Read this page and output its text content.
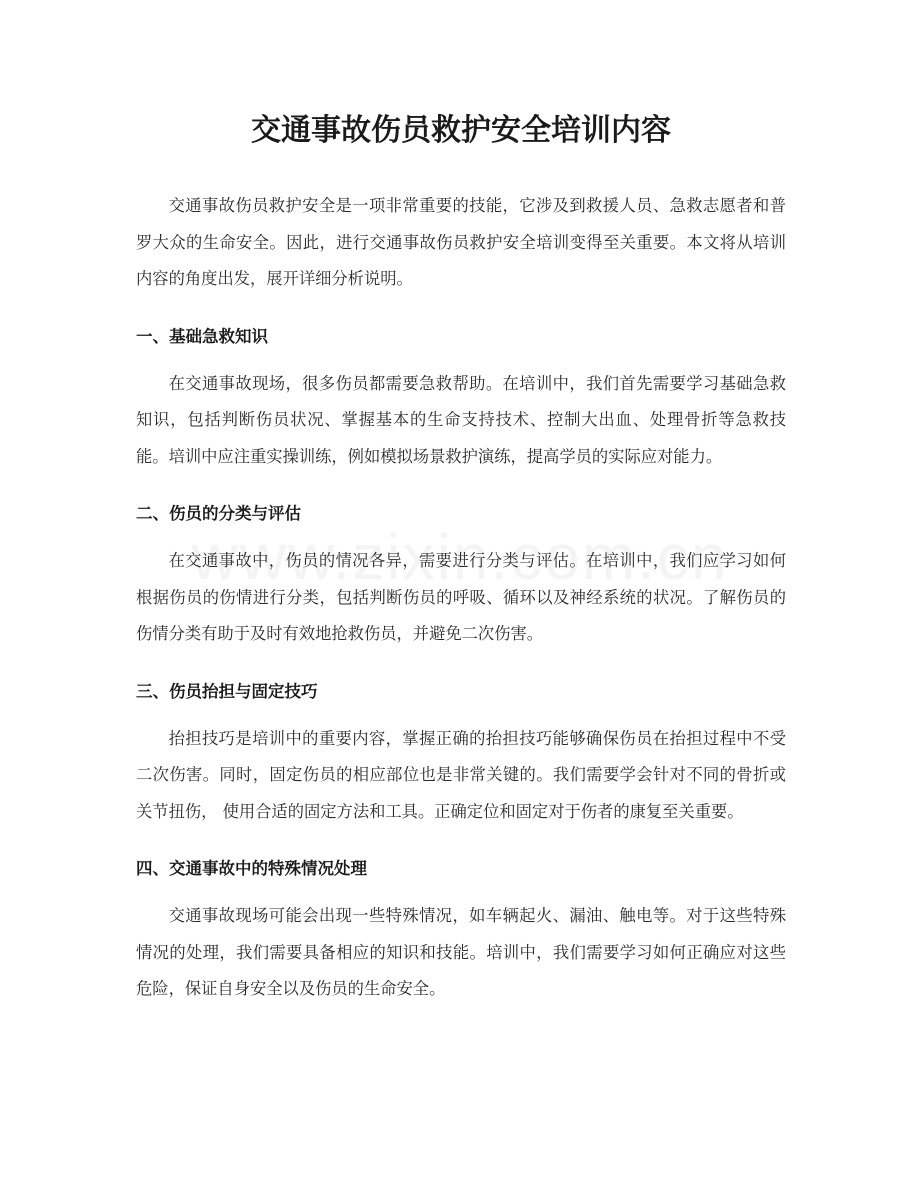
交通事故伤员救护安全培训内容

交通事故伤员救护安全是一项非常重要的技能，它涉及到救援人员、急救志愿者和普罗大众的生命安全。因此，进行交通事故伤员救护安全培训变得至关重要。本文将从培训内容的角度出发，展开详细分析说明。

一、基础急救知识

在交通事故现场，很多伤员都需要急救帮助。在培训中，我们首先需要学习基础急救知识，包括判断伤员状况、掌握基本的生命支持技术、控制大出血、处理骨折等急救技能。培训中应注重实操训练，例如模拟场景救护演练，提高学员的实际应对能力。

二、伤员的分类与评估

在交通事故中，伤员的情况各异，需要进行分类与评估。在培训中，我们应学习如何根据伤员的伤情进行分类，包括判断伤员的呼吸、循环以及神经系统的状况。了解伤员的伤情分类有助于及时有效地抢救伤员，并避免二次伤害。

三、伤员抬担与固定技巧

抬担技巧是培训中的重要内容，掌握正确的抬担技巧能够确保伤员在抬担过程中不受二次伤害。同时，固定伤员的相应部位也是非常关键的。我们需要学会针对不同的骨折或关节扭伤， 使用合适的固定方法和工具。正确定位和固定对于伤者的康复至关重要。

四、交通事故中的特殊情况处理

交通事故现场可能会出现一些特殊情况，如车辆起火、漏油、触电等。对于这些特殊情况的处理，我们需要具备相应的知识和技能。培训中，我们需要学习如何正确应对这些危险，保证自身安全以及伤员的生命安全。
